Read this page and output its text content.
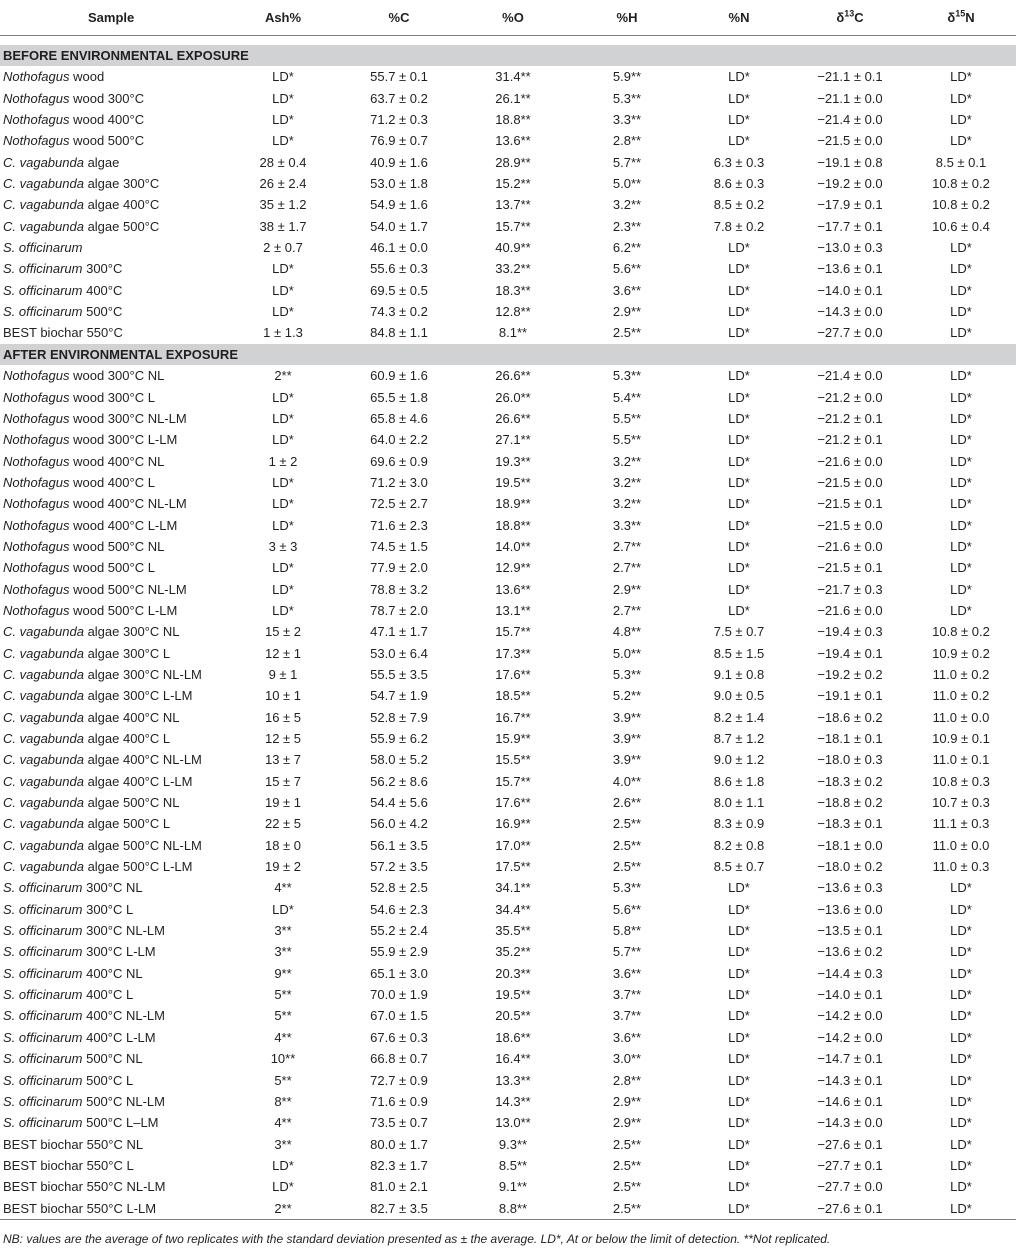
Sample	Ash%	%C	%O	%H	%N	$\delta^{13}C$	$\delta^{15}N$

BEFORE ENVIRONMENTAL EXPOSURE							
Nothofagus wood	LD*	55.7 ± 0.1	31.4**	5.9**	LD*	−21.1 ± 0.1	LD*
Nothofagus wood 300°C	LD*	63.7 ± 0.2	26.1**	5.3**	LD*	−21.1 ± 0.0	LD*
Nothofagus wood 400°C	LD*	71.2 ± 0.3	18.8**	3.3**	LD*	−21.4 ± 0.0	LD*
Nothofagus wood 500°C	LD*	76.9 ± 0.7	13.6**	2.8**	LD*	−21.5 ± 0.0	LD*
C. vagabunda algae	28 ± 0.4	40.9 ± 1.6	28.9**	5.7**	6.3 ± 0.3	−19.1 ± 0.8	8.5 ± 0.1
C. vagabunda algae 300°C	26 ± 2.4	53.0 ± 1.8	15.2**	5.0**	8.6 ± 0.3	−19.2 ± 0.0	10.8 ± 0.2
C. vagabunda algae 400°C	35 ± 1.2	54.9 ± 1.6	13.7**	3.2**	8.5 ± 0.2	−17.9 ± 0.1	10.8 ± 0.2
C. vagabunda algae 500°C	38 ± 1.7	54.0 ± 1.7	15.7**	2.3**	7.8 ± 0.2	−17.7 ± 0.1	10.6 ± 0.4
S. officinarum	2 ± 0.7	46.1 ± 0.0	40.9**	6.2**	LD*	−13.0 ± 0.3	LD*
S. officinarum 300°C	LD*	55.6 ± 0.3	33.2**	5.6**	LD*	−13.6 ± 0.1	LD*
S. officinarum 400°C	LD*	69.5 ± 0.5	18.3**	3.6**	LD*	−14.0 ± 0.1	LD*
S. officinarum 500°C	LD*	74.3 ± 0.2	12.8**	2.9**	LD*	−14.3 ± 0.0	LD*
BEST biochar 550°C	1 ± 1.3	84.8 ± 1.1	8.1**	2.5**	LD*	−27.7 ± 0.0	LD*
AFTER ENVIRONMENTAL EXPOSURE							
Nothofagus wood 300°C NL	2**	60.9 ± 1.6	26.6**	5.3**	LD*	−21.4 ± 0.0	LD*
Nothofagus wood 300°C L	LD*	65.5 ± 1.8	26.0**	5.4**	LD*	−21.2 ± 0.0	LD*
Nothofagus wood 300°C NL-LM	LD*	65.8 ± 4.6	26.6**	5.5**	LD*	−21.2 ± 0.1	LD*
Nothofagus wood 300°C L-LM	LD*	64.0 ± 2.2	27.1**	5.5**	LD*	−21.2 ± 0.1	LD*
Nothofagus wood 400°C NL	1 ± 2	69.6 ± 0.9	19.3**	3.2**	LD*	−21.6 ± 0.0	LD*
Nothofagus wood 400°C L	LD*	71.2 ± 3.0	19.5**	3.2**	LD*	−21.5 ± 0.0	LD*
Nothofagus wood 400°C NL-LM	LD*	72.5 ± 2.7	18.9**	3.2**	LD*	−21.5 ± 0.1	LD*
Nothofagus wood 400°C L-LM	LD*	71.6 ± 2.3	18.8**	3.3**	LD*	−21.5 ± 0.0	LD*
Nothofagus wood 500°C NL	3 ± 3	74.5 ± 1.5	14.0**	2.7**	LD*	−21.6 ± 0.0	LD*
Nothofagus wood 500°C L	LD*	77.9 ± 2.0	12.9**	2.7**	LD*	−21.5 ± 0.1	LD*
Nothofagus wood 500°C NL-LM	LD*	78.8 ± 3.2	13.6**	2.9**	LD*	−21.7 ± 0.3	LD*
Nothofagus wood 500°C L-LM	LD*	78.7 ± 2.0	13.1**	2.7**	LD*	−21.6 ± 0.0	LD*
C. vagabunda algae 300°C NL	15 ± 2	47.1 ± 1.7	15.7**	4.8**	7.5 ± 0.7	−19.4 ± 0.3	10.8 ± 0.2
C. vagabunda algae 300°C L	12 ± 1	53.0 ± 6.4	17.3**	5.0**	8.5 ± 1.5	−19.4 ± 0.1	10.9 ± 0.2
C. vagabunda algae 300°C NL-LM	9 ± 1	55.5 ± 3.5	17.6**	5.3**	9.1 ± 0.8	−19.2 ± 0.2	11.0 ± 0.2
C. vagabunda algae 300°C L-LM	10 ± 1	54.7 ± 1.9	18.5**	5.2**	9.0 ± 0.5	−19.1 ± 0.1	11.0 ± 0.2
C. vagabunda algae 400°C NL	16 ± 5	52.8 ± 7.9	16.7**	3.9**	8.2 ± 1.4	−18.6 ± 0.2	11.0 ± 0.0
C. vagabunda algae 400°C L	12 ± 5	55.9 ± 6.2	15.9**	3.9**	8.7 ± 1.2	−18.1 ± 0.1	10.9 ± 0.1
C. vagabunda algae 400°C NL-LM	13 ± 7	58.0 ± 5.2	15.5**	3.9**	9.0 ± 1.2	−18.0 ± 0.3	11.0 ± 0.1
C. vagabunda algae 400°C L-LM	15 ± 7	56.2 ± 8.6	15.7**	4.0**	8.6 ± 1.8	−18.3 ± 0.2	10.8 ± 0.3
C. vagabunda algae 500°C NL	19 ± 1	54.4 ± 5.6	17.6**	2.6**	8.0 ± 1.1	−18.8 ± 0.2	10.7 ± 0.3
C. vagabunda algae 500°C L	22 ± 5	56.0 ± 4.2	16.9**	2.5**	8.3 ± 0.9	−18.3 ± 0.1	11.1 ± 0.3
C. vagabunda algae 500°C NL-LM	18 ± 0	56.1 ± 3.5	17.0**	2.5**	8.2 ± 0.8	−18.1 ± 0.0	11.0 ± 0.0
C. vagabunda algae 500°C L-LM	19 ± 2	57.2 ± 3.5	17.5**	2.5**	8.5 ± 0.7	−18.0 ± 0.2	11.0 ± 0.3
S. officinarum 300°C NL	4**	52.8 ± 2.5	34.1**	5.3**	LD*	−13.6 ± 0.3	LD*
S. officinarum 300°C L	LD*	54.6 ± 2.3	34.4**	5.6**	LD*	−13.6 ± 0.0	LD*
S. officinarum 300°C NL-LM	3**	55.2 ± 2.4	35.5**	5.8**	LD*	−13.5 ± 0.1	LD*
S. officinarum 300°C L-LM	3**	55.9 ± 2.9	35.2**	5.7**	LD*	−13.6 ± 0.2	LD*
S. officinarum 400°C NL	9**	65.1 ± 3.0	20.3**	3.6**	LD*	−14.4 ± 0.3	LD*
S. officinarum 400°C L	5**	70.0 ± 1.9	19.5**	3.7**	LD*	−14.0 ± 0.1	LD*
S. officinarum 400°C NL-LM	5**	67.0 ± 1.5	20.5**	3.7**	LD*	−14.2 ± 0.0	LD*
S. officinarum 400°C L-LM	4**	67.6 ± 0.3	18.6**	3.6**	LD*	−14.2 ± 0.0	LD*
S. officinarum 500°C NL	10**	66.8 ± 0.7	16.4**	3.0**	LD*	−14.7 ± 0.1	LD*
S. officinarum 500°C L	5**	72.7 ± 0.9	13.3**	2.8**	LD*	−14.3 ± 0.1	LD*
S. officinarum 500°C NL-LM	8**	71.6 ± 0.9	14.3**	2.9**	LD*	−14.6 ± 0.1	LD*
S. officinarum 500°C L–LM	4**	73.5 ± 0.7	13.0**	2.9**	LD*	−14.3 ± 0.0	LD*
BEST biochar 550°C NL	3**	80.0 ± 1.7	9.3**	2.5**	LD*	−27.6 ± 0.1	LD*
BEST biochar 550°C L	LD*	82.3 ± 1.7	8.5**	2.5**	LD*	−27.7 ± 0.1	LD*
BEST biochar 550°C NL-LM	LD*	81.0 ± 2.1	9.1**	2.5**	LD*	−27.7 ± 0.0	LD*
BEST biochar 550°C L-LM	2**	82.7 ± 3.5	8.8**	2.5**	LD*	−27.6 ± 0.1	LD*
NB: values are the average of two replicates with the standard deviation presented as ± the average. LD*, At or below the limit of detection. **Not replicated.
